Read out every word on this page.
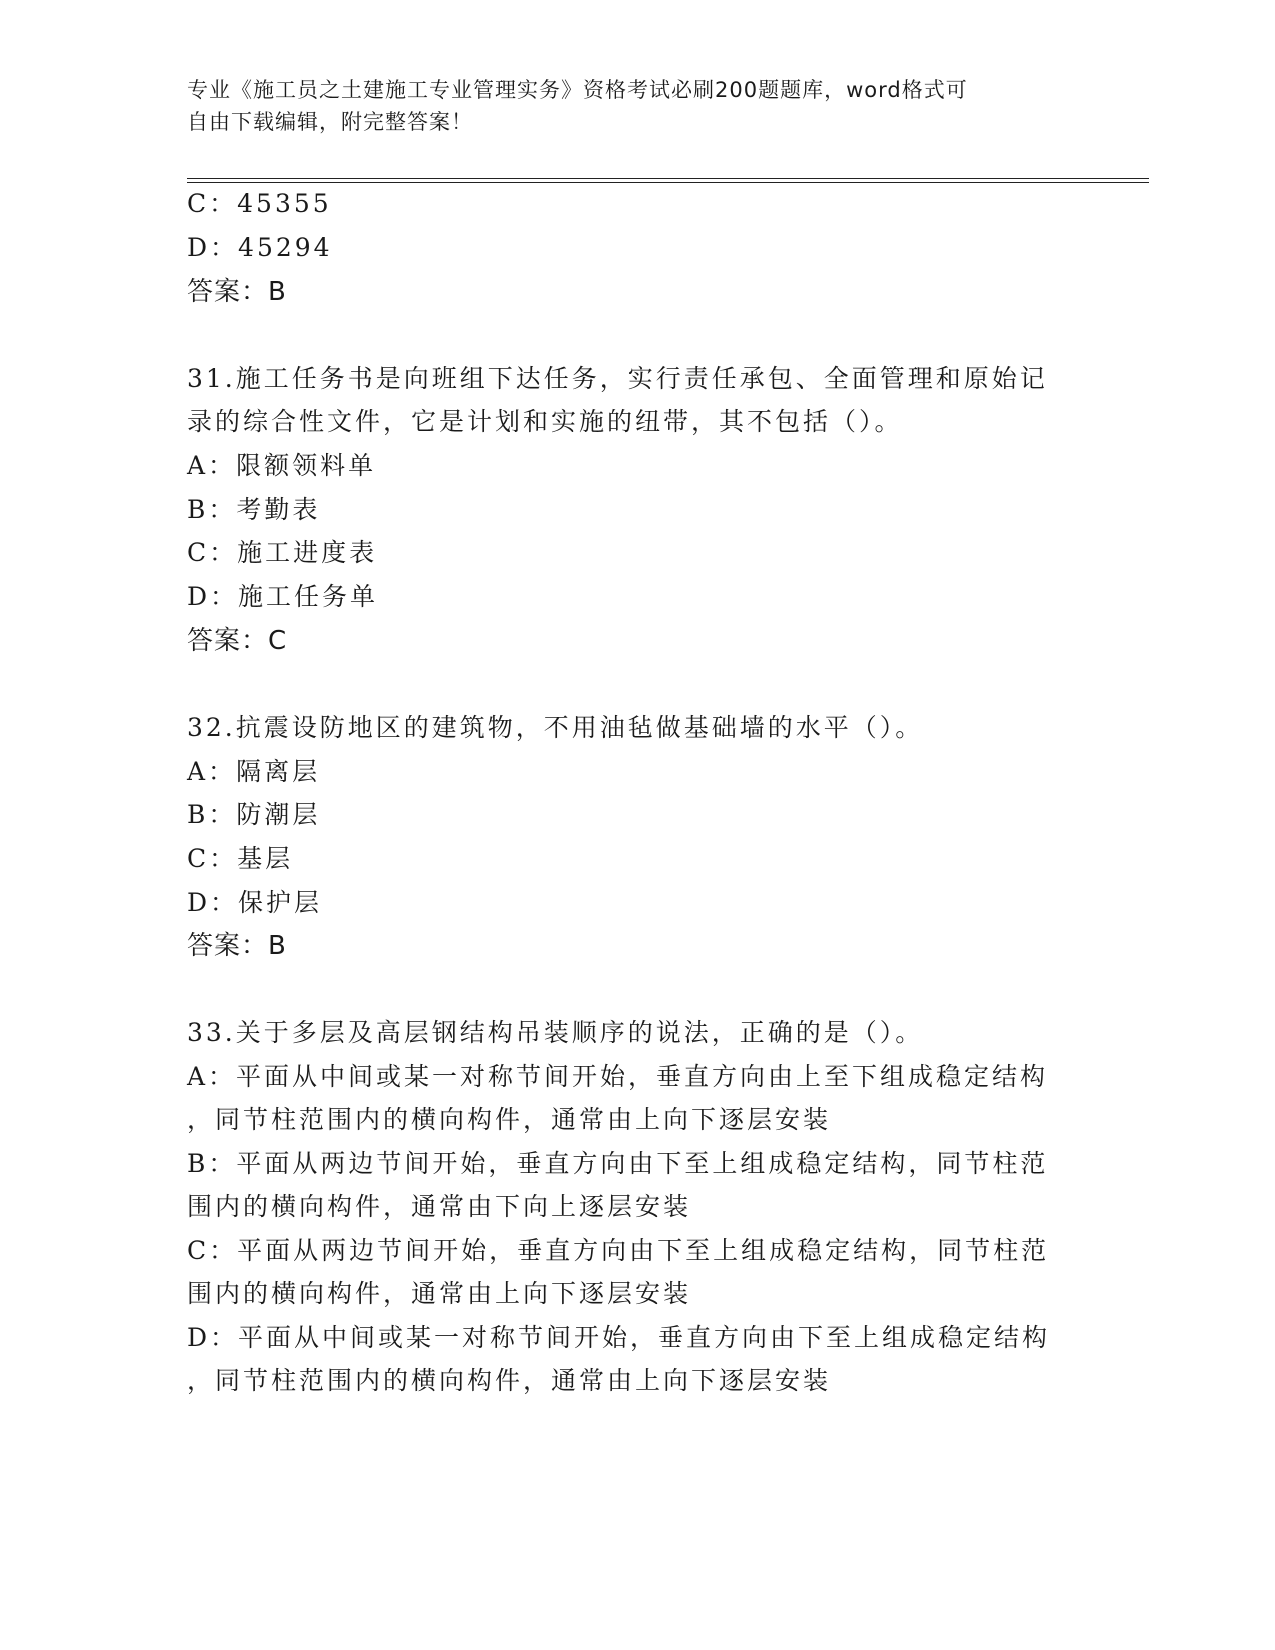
专业《施工员之土建施工专业管理实务》资格考试必刷200题题库，word格式可
自由下载编辑，附完整答案！
C：45355
D：45294
答案：B
31.施工任务书是向班组下达任务，实行责任承包、全面管理和原始记
录的综合性文件，它是计划和实施的纽带，其不包括（）。
A：限额领料单
B：考勤表
C：施工进度表
D：施工任务单
答案：C
32.抗震设防地区的建筑物，不用油毡做基础墙的水平（）。
A：隔离层
B：防潮层
C：基层
D：保护层
答案：B
33.关于多层及高层钢结构吊装顺序的说法，正确的是（）。
A：平面从中间或某一对称节间开始，垂直方向由上至下组成稳定结构
，同节柱范围内的横向构件，通常由上向下逐层安装
B：平面从两边节间开始，垂直方向由下至上组成稳定结构，同节柱范
围内的横向构件，通常由下向上逐层安装
C：平面从两边节间开始，垂直方向由下至上组成稳定结构，同节柱范
围内的横向构件，通常由上向下逐层安装
D：平面从中间或某一对称节间开始，垂直方向由下至上组成稳定结构
，同节柱范围内的横向构件，通常由上向下逐层安装
